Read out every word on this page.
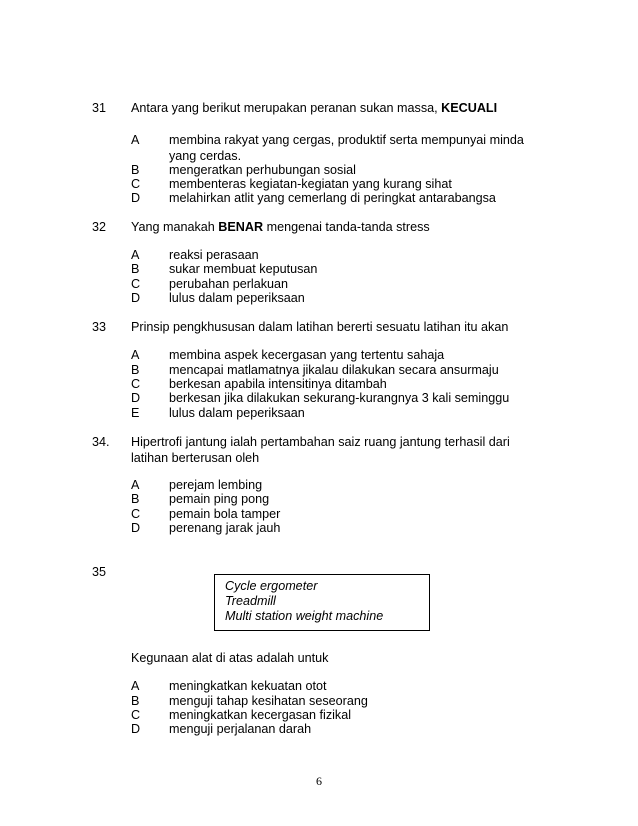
31 Antara yang berikut merupakan peranan sukan massa, KECUALI
A membina rakyat yang cergas, produktif serta mempunyai minda yang cerdas.
B mengeratkan perhubungan sosial
C membenteras kegiatan-kegiatan yang kurang sihat
D melahirkan atlit yang cemerlang di peringkat antarabangsa
32 Yang manakah BENAR mengenai tanda-tanda stress
A reaksi perasaan
B sukar membuat keputusan
C perubahan perlakuan
D lulus dalam peperiksaan
33 Prinsip pengkhususan dalam latihan bererti sesuatu latihan itu akan
A membina aspek kecergasan yang tertentu sahaja
B mencapai matlamatnya jikalau dilakukan secara ansurmaju
C berkesan apabila intensitinya ditambah
D berkesan jika dilakukan sekurang-kurangnya 3 kali seminggu
E lulus dalam peperiksaan
34. Hipertrofi jantung ialah pertambahan saiz ruang jantung terhasil dari latihan berterusan oleh
A perejam lembing
B pemain ping pong
C pemain bola tamper
D perenang jarak jauh
35
Cycle ergometer
Treadmill
Multi station weight machine
Kegunaan alat di atas adalah untuk
A meningkatkan kekuatan otot
B menguji tahap kesihatan seseorang
C meningkatkan kecergasan fizikal
D menguji perjalanan darah
6
